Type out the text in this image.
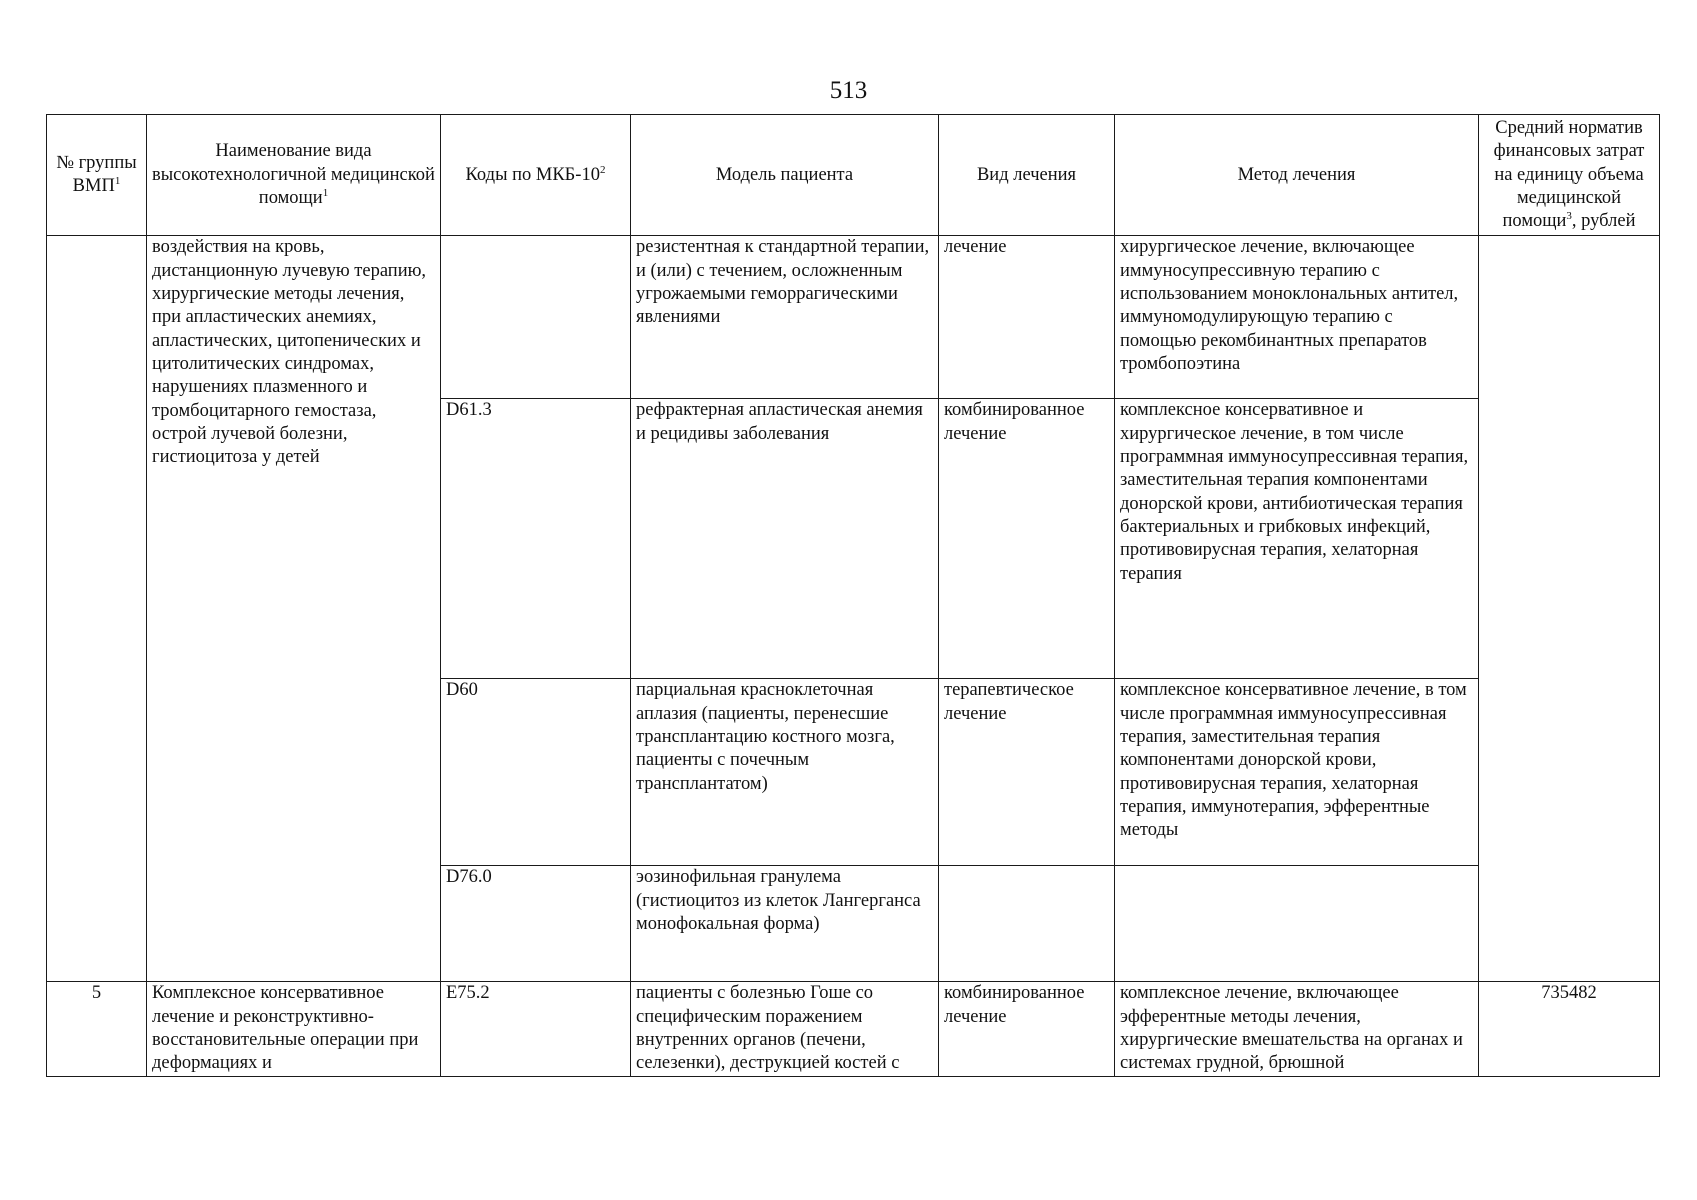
513
№ группы ВМП$^1$	Наименование вида высокотехнологичной медицинской помощи$^1$	Коды по МКБ-$10^2$	Модель пациента	Вид лечения	Метод лечения	Средний норматив финансовых затрат на единицу объема медицинской помощи$^3$, рублей
	воздействия на кровь, дистанционную лучевую терапию, хирургические методы лечения, при апластических анемиях, апластических, цитопенических и цитолитических синдромах, нарушениях плазменного и тромбоцитарного гемостаза, острой лучевой болезни, гистиоцитоза у детей		резистентная к стандартной терапии, и (или) с течением, осложненным угрожаемыми геморрагическими явлениями	лечение	хирургическое лечение, включающее иммуносупрессивную терапию с использованием моноклональных антител, иммуномодулирующую терапию с помощью рекомбинантных препаратов тромбопоэтина	
		D61.3	рефрактерная апластическая анемия и рецидивы заболевания	комбинированное лечение	комплексное консервативное и хирургическое лечение, в том числе программная иммуносупрессивная терапия, заместительная терапия компонентами донорской крови, антибиотическая терапия бактериальных и грибковых инфекций, противовирусная терапия, хелаторная терапия	
		D60	парциальная красноклеточная аплазия (пациенты, перенесшие трансплантацию костного мозга, пациенты с почечным трансплантатом)	терапевтическое лечение	комплексное консервативное лечение, в том числе программная иммуносупрессивная терапия, заместительная терапия компонентами донорской крови, противовирусная терапия, хелаторная терапия, иммунотерапия, эфферентные методы	
		D76.0	эозинофильная гранулема (гистиоцитоз из клеток Лангерганса монофокальная форма)			
5	Комплексное консервативное лечение и реконструктивно-восстановительные операции при деформациях и	E75.2	пациенты с болезнью Гоше со специфическим поражением внутренних органов (печени, селезенки), деструкцией костей с	комбинированное лечение	комплексное лечение, включающее эфферентные методы лечения, хирургические вмешательства на органах и системах грудной, брюшной	735482
